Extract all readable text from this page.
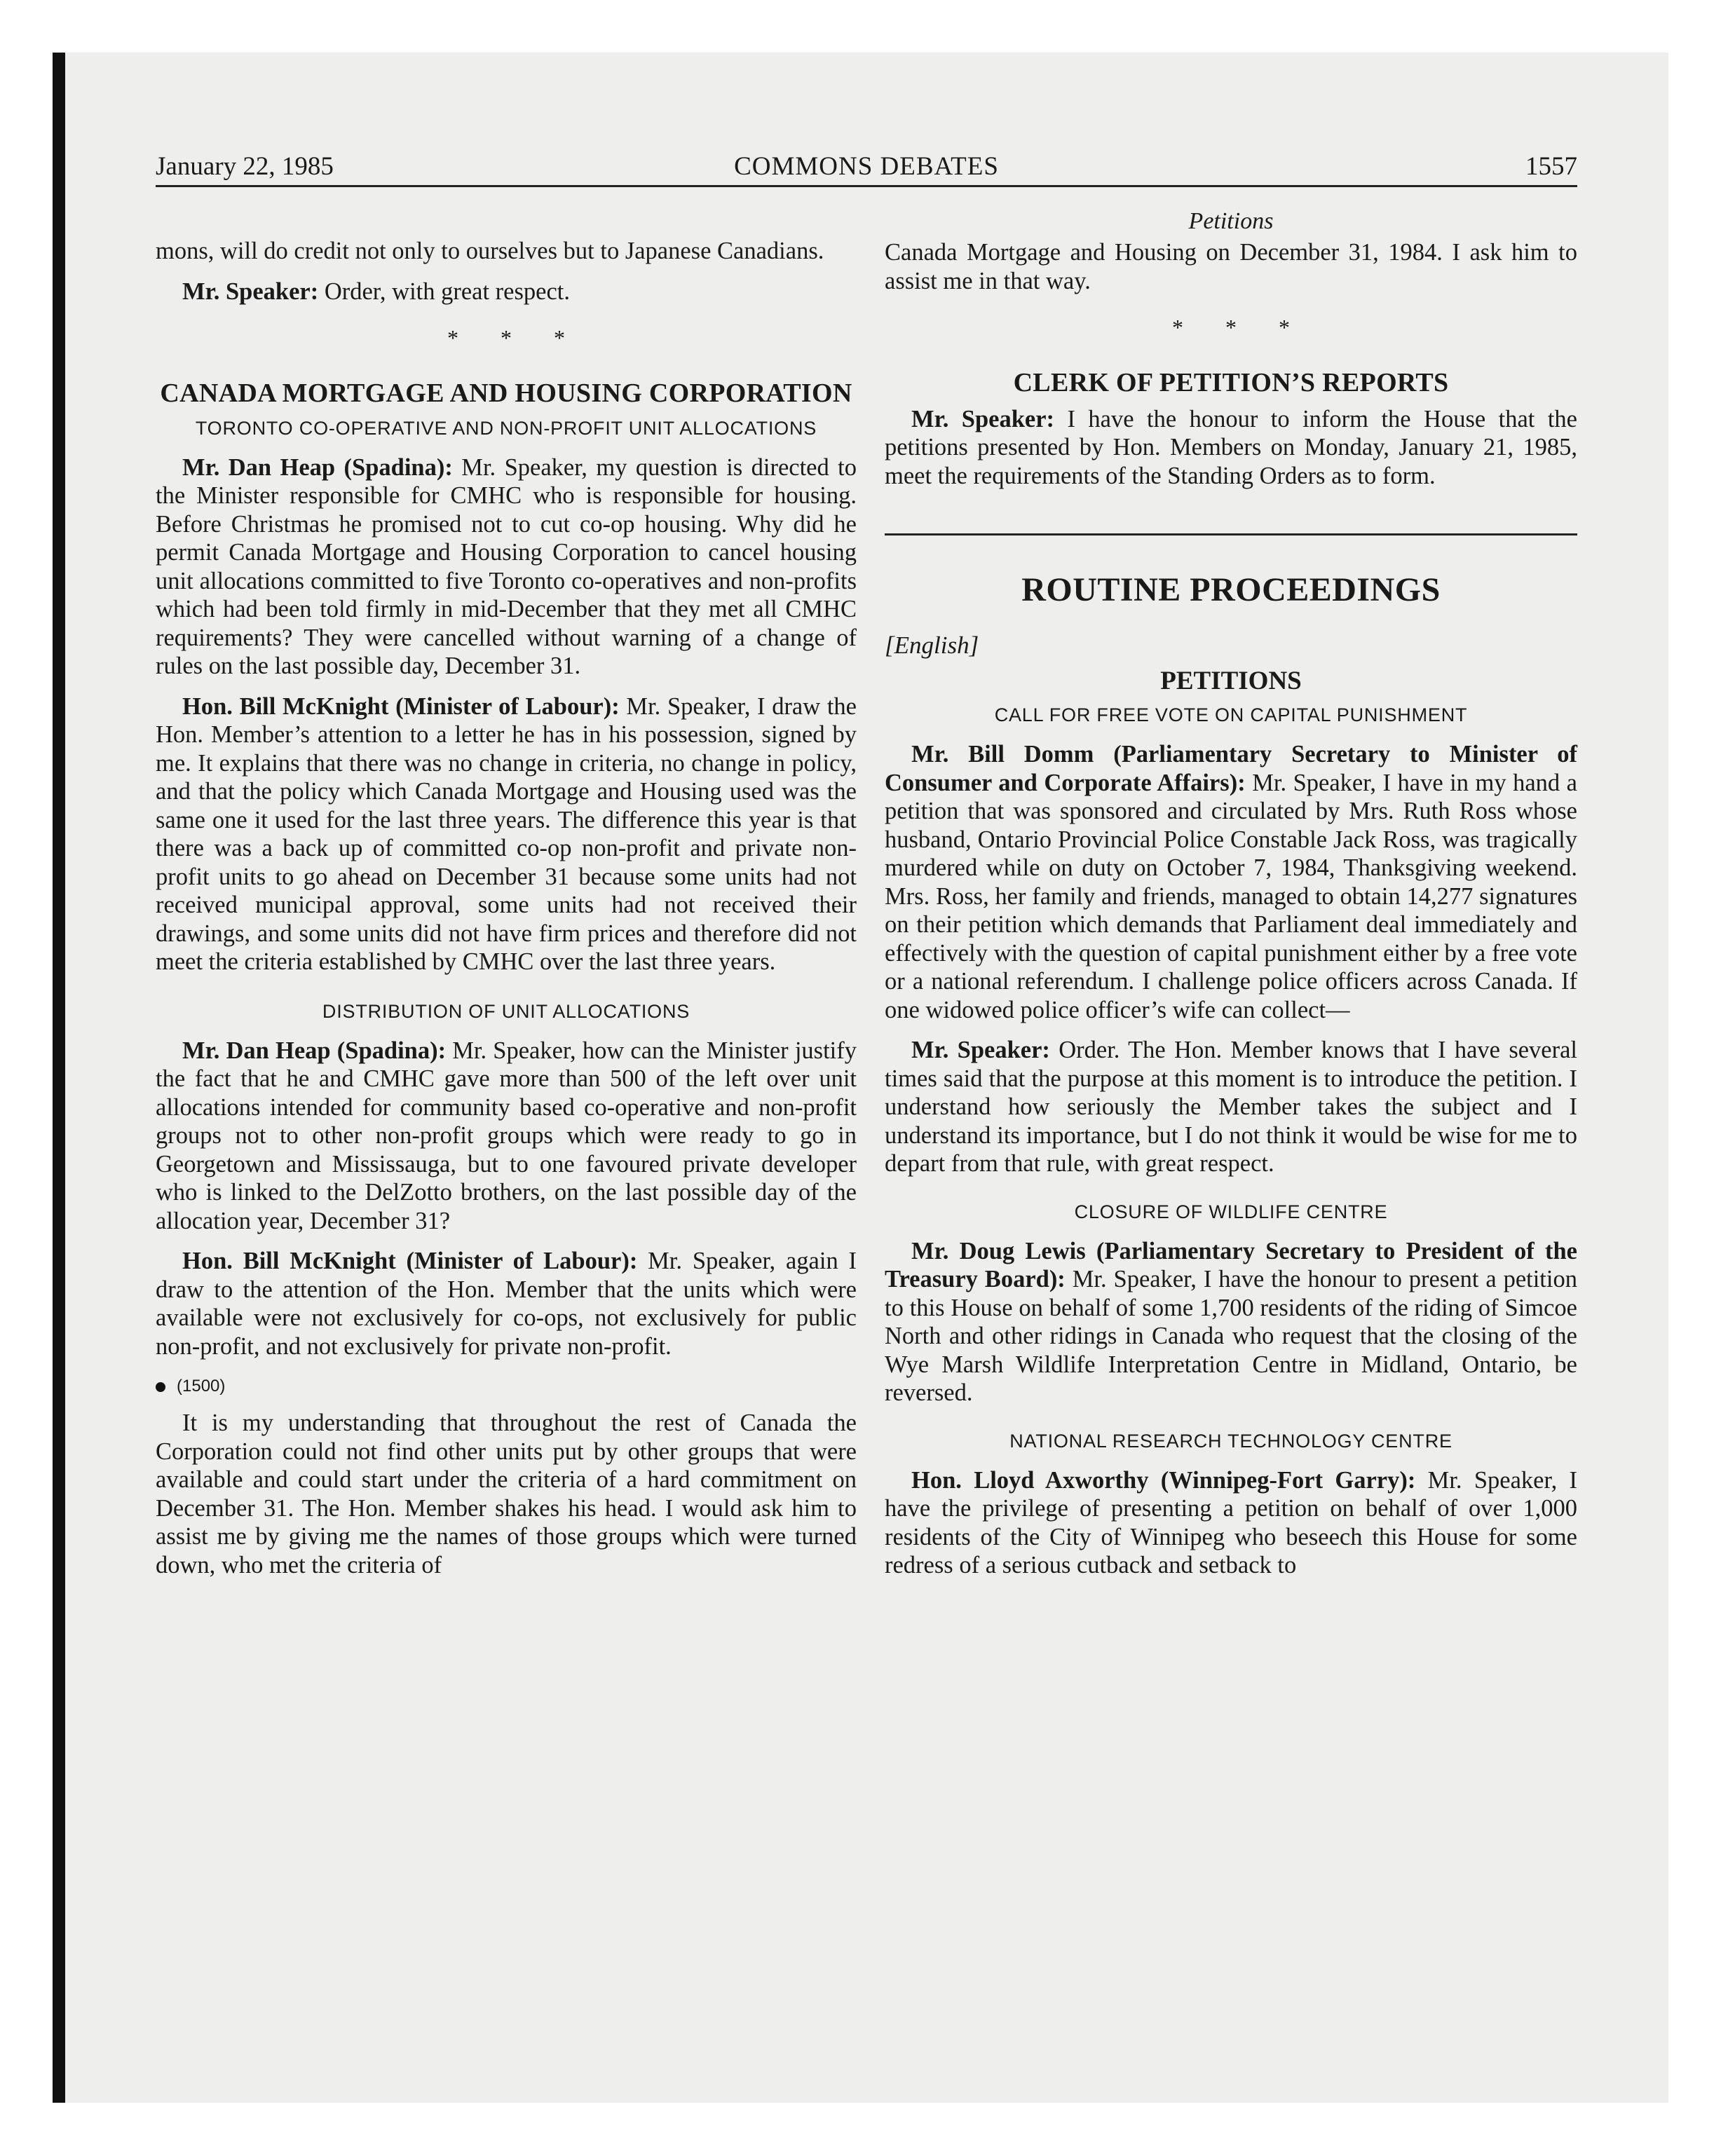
January 22, 1985	COMMONS DEBATES	1557

mons, will do credit not only to ourselves but to Japanese Canadians.

Mr. Speaker: Order, with great respect.

* * *
CANADA MORTGAGE AND HOUSING CORPORATION
TORONTO CO-OPERATIVE AND NON-PROFIT UNIT ALLOCATIONS

Mr. Dan Heap (Spadina): Mr. Speaker, my question is directed to the Minister responsible for CMHC who is responsible for housing. Before Christmas he promised not to cut co-op housing. Why did he permit Canada Mortgage and Housing Corporation to cancel housing unit allocations committed to five Toronto co-operatives and non-profits which had been told firmly in mid-December that they met all CMHC requirements? They were cancelled without warning of a change of rules on the last possible day, December 31.

Hon. Bill McKnight (Minister of Labour): Mr. Speaker, I draw the Hon. Member’s attention to a letter he has in his possession, signed by me. It explains that there was no change in criteria, no change in policy, and that the policy which Canada Mortgage and Housing used was the same one it used for the last three years. The difference this year is that there was a back up of committed co-op non-profit and private non-profit units to go ahead on December 31 because some units had not received municipal approval, some units had not received their drawings, and some units did not have firm prices and therefore did not meet the criteria established by CMHC over the last three years.

DISTRIBUTION OF UNIT ALLOCATIONS

Mr. Dan Heap (Spadina): Mr. Speaker, how can the Minister justify the fact that he and CMHC gave more than 500 of the left over unit allocations intended for community based co-operative and non-profit groups not to other non-profit groups which were ready to go in Georgetown and Mississauga, but to one favoured private developer who is linked to the DelZotto brothers, on the last possible day of the allocation year, December 31?

Hon. Bill McKnight (Minister of Labour): Mr. Speaker, again I draw to the attention of the Hon. Member that the units which were available were not exclusively for co-ops, not exclusively for public non-profit, and not exclusively for private non-profit.

(1500)

It is my understanding that throughout the rest of Canada the Corporation could not find other units put by other groups that were available and could start under the criteria of a hard commitment on December 31. The Hon. Member shakes his head. I would ask him to assist me by giving me the names of those groups which were turned down, who met the criteria of

Petitions

Canada Mortgage and Housing on December 31, 1984. I ask him to assist me in that way.

* * *
CLERK OF PETITION’S REPORTS

Mr. Speaker: I have the honour to inform the House that the petitions presented by Hon. Members on Monday, January 21, 1985, meet the requirements of the Standing Orders as to form.

ROUTINE PROCEEDINGS
[English]
PETITIONS
CALL FOR FREE VOTE ON CAPITAL PUNISHMENT

Mr. Bill Domm (Parliamentary Secretary to Minister of Consumer and Corporate Affairs): Mr. Speaker, I have in my hand a petition that was sponsored and circulated by Mrs. Ruth Ross whose husband, Ontario Provincial Police Constable Jack Ross, was tragically murdered while on duty on October 7, 1984, Thanksgiving weekend. Mrs. Ross, her family and friends, managed to obtain 14,277 signatures on their petition which demands that Parliament deal immediately and effectively with the question of capital punishment either by a free vote or a national referendum. I challenge police officers across Canada. If one widowed police officer’s wife can collect—

Mr. Speaker: Order. The Hon. Member knows that I have several times said that the purpose at this moment is to introduce the petition. I understand how seriously the Member takes the subject and I understand its importance, but I do not think it would be wise for me to depart from that rule, with great respect.

CLOSURE OF WILDLIFE CENTRE

Mr. Doug Lewis (Parliamentary Secretary to President of the Treasury Board): Mr. Speaker, I have the honour to present a petition to this House on behalf of some 1,700 residents of the riding of Simcoe North and other ridings in Canada who request that the closing of the Wye Marsh Wildlife Interpretation Centre in Midland, Ontario, be reversed.

NATIONAL RESEARCH TECHNOLOGY CENTRE

Hon. Lloyd Axworthy (Winnipeg-Fort Garry): Mr. Speaker, I have the privilege of presenting a petition on behalf of over 1,000 residents of the City of Winnipeg who beseech this House for some redress of a serious cutback and setback to
